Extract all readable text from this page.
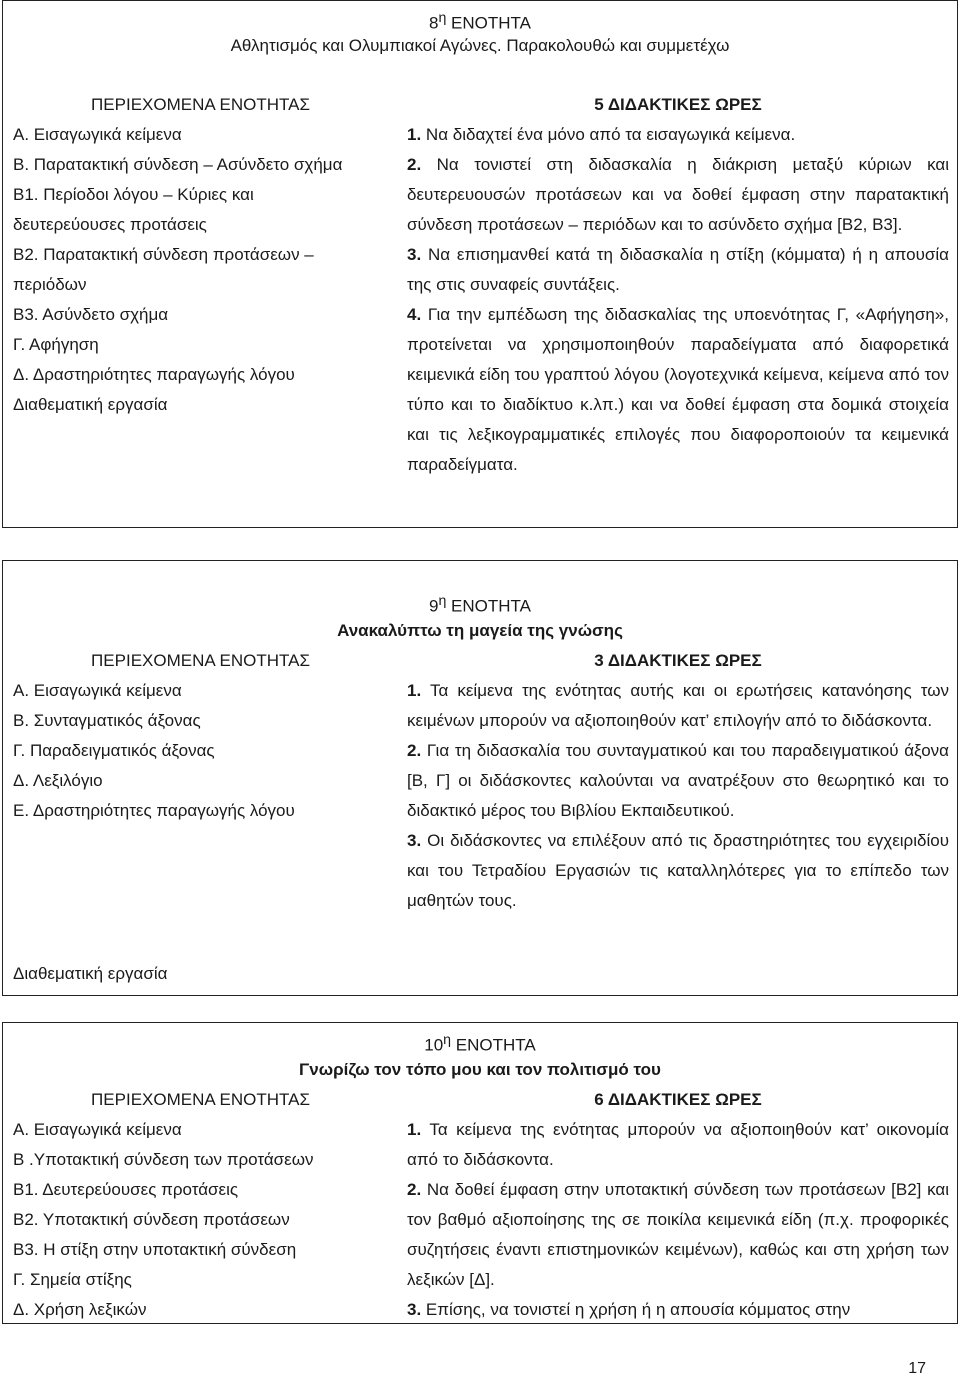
$8^\eta$ ΕΝΟΤΗΤΑ
Αθλητισμός και Ολυμπιακοί Αγώνες. Παρακολουθώ και συμμετέχω
ΠΕΡΙΕΧΟΜΕΝΑ ΕΝΟΤΗΤΑΣ
Α. Εισαγωγικά κείμενα
Β. Παρατακτική σύνδεση – Ασύνδετο σχήμα
Β1. Περίοδοι λόγου – Κύριες και
δευτερεύουσες προτάσεις
Β2. Παρατακτική σύνδεση προτάσεων –
περιόδων
Β3. Ασύνδετο σχήμα
Γ. Αφήγηση
Δ. Δραστηριότητες παραγωγής λόγου
Διαθεματική εργασία
5 ΔΙΔΑΚΤΙΚΕΣ ΩΡΕΣ
1. Να διδαχτεί ένα μόνο από τα εισαγωγικά κείμενα.
2. Να τονιστεί στη διδασκαλία η διάκριση μεταξύ κύριων και δευτερευουσών προτάσεων και να δοθεί έμφαση στην παρατακτική σύνδεση προτάσεων – περιόδων και το ασύνδετο σχήμα [Β2, Β3].
3. Να επισημανθεί κατά τη διδασκαλία η στίξη (κόμματα) ή η απουσία της στις συναφείς συντάξεις.
4. Για την εμπέδωση της διδασκαλίας της υποενότητας Γ, «Αφήγηση», προτείνεται να χρησιμοποιηθούν παραδείγματα από διαφορετικά κειμενικά είδη του γραπτού λόγου (λογοτεχνικά κείμενα, κείμενα από τον τύπο και το διαδίκτυο κ.λπ.) και να δοθεί έμφαση στα δομικά στοιχεία και τις λεξικογραμματικές επιλογές που διαφοροποιούν τα κειμενικά παραδείγματα.
$9^\eta$ ΕΝΟΤΗΤΑ
Ανακαλύπτω τη μαγεία της γνώσης
ΠΕΡΙΕΧΟΜΕΝΑ ΕΝΟΤΗΤΑΣ
Α. Εισαγωγικά κείμενα
Β. Συνταγματικός άξονας
Γ. Παραδειγματικός άξονας
Δ. Λεξιλόγιο
Ε. Δραστηριότητες παραγωγής λόγου
Διαθεματική εργασία
3 ΔΙΔΑΚΤΙΚΕΣ ΩΡΕΣ
1. Τα κείμενα της ενότητας αυτής και οι ερωτήσεις κατανόησης των κειμένων μπορούν να αξιοποιηθούν κατ’ επιλογήν από το διδάσκοντα.
2. Για τη διδασκαλία του συνταγματικού και του παραδειγματικού άξονα [Β, Γ] οι διδάσκοντες καλούνται να ανατρέξουν στο θεωρητικό και το διδακτικό μέρος του Βιβλίου Εκπαιδευτικού.
3. Οι διδάσκοντες να επιλέξουν από τις δραστηριότητες του εγχειριδίου και του Τετραδίου Εργασιών τις καταλληλότερες για το επίπεδο των μαθητών τους.
$10^\eta$ ΕΝΟΤΗΤΑ
Γνωρίζω τον τόπο μου και τον πολιτισμό του
ΠΕΡΙΕΧΟΜΕΝΑ ΕΝΟΤΗΤΑΣ
Α. Εισαγωγικά κείμενα
Β .Υποτακτική σύνδεση των προτάσεων
Β1. Δευτερεύουσες προτάσεις
Β2. Υποτακτική σύνδεση προτάσεων
Β3. Η στίξη στην υποτακτική σύνδεση
Γ. Σημεία στίξης
Δ. Χρήση λεξικών
6 ΔΙΔΑΚΤΙΚΕΣ ΩΡΕΣ
1. Τα κείμενα της ενότητας μπορούν να αξιοποιηθούν κατ’ οικονομία από το διδάσκοντα.
2. Να δοθεί έμφαση στην υποτακτική σύνδεση των προτάσεων [Β2] και τον βαθμό αξιοποίησης της σε ποικίλα κειμενικά είδη (π.χ. προφορικές συζητήσεις έναντι επιστημονικών κειμένων), καθώς και στη χρήση των λεξικών [Δ].
3. Επίσης, να τονιστεί η χρήση ή η απουσία κόμματος στην
17
